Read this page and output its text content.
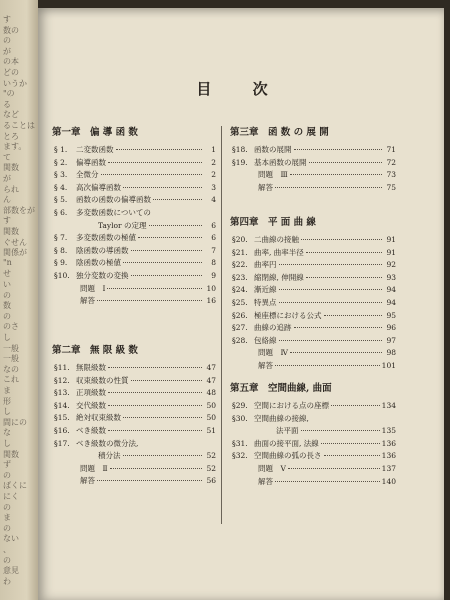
す
数の
の
が
の本
どの
いうか
"の
る
など
ることは
とろ
ます。
て
関数
が
られ
ん
部数をが
す
関数
ぐせん
関係が
"n
せ
い
の
数
の
のさ
し
一般
一般
なの
これ
ま
形
し
間にの
な
し
関数
ず
の
ばくに
にく
の
ま
の
ない
、
の
意見
わ
目 次
第一章　偏 導 函 数
§ 1.	二変数函数	1
§ 2.	偏導函数	2
§ 3.	全微分	2
§ 4.	高次偏導函数	3
§ 5.	函数の函数の偏導函数	4
§ 6.	多変数函数についての
Taylor の定理	6
§ 7.	多変数函数の極値	6
§ 8.	陰函数の導函数	7
§ 9.	陰函数の極値	8
§10. 独分変数の変換	9
問題　Ⅰ	10
解答	16
第二章　無 限 級 数
§11. 無限級数	47
§12. 収束級数の性質	47
§13. 正項級数	48
§14. 交代級数	50
§15. 絶対収束級数	50
§16. べき級数	51
§17. べき級数の微分法,
積分法	52
問題　Ⅱ	52
解答	56
第三章　函 数 の 展 開
§18. 函数の展開	71
§19. 基本函数の展開	72
問題　Ⅲ	73
解答	75
第四章　平 面 曲 線
§20. 二曲線の接触	91
§21. 曲率, 曲率半径	91
§22. 曲率円	92
§23. 縮閉線, 伸開線	93
§24. 漸近線	94
§25. 特異点	94
§26. 極座標における公式	95
§27. 曲線の追跡	96
§28. 包絡線	97
問題　Ⅳ	98
解答	101
第五章　空間曲線, 曲面
§29. 空間における点の座標	134
§30. 空間曲線の接線,
法平面	135
§31. 曲面の接平面, 法線	136
§32. 空間曲線の弧の長さ	136
問題　Ⅴ	137
解答	140
